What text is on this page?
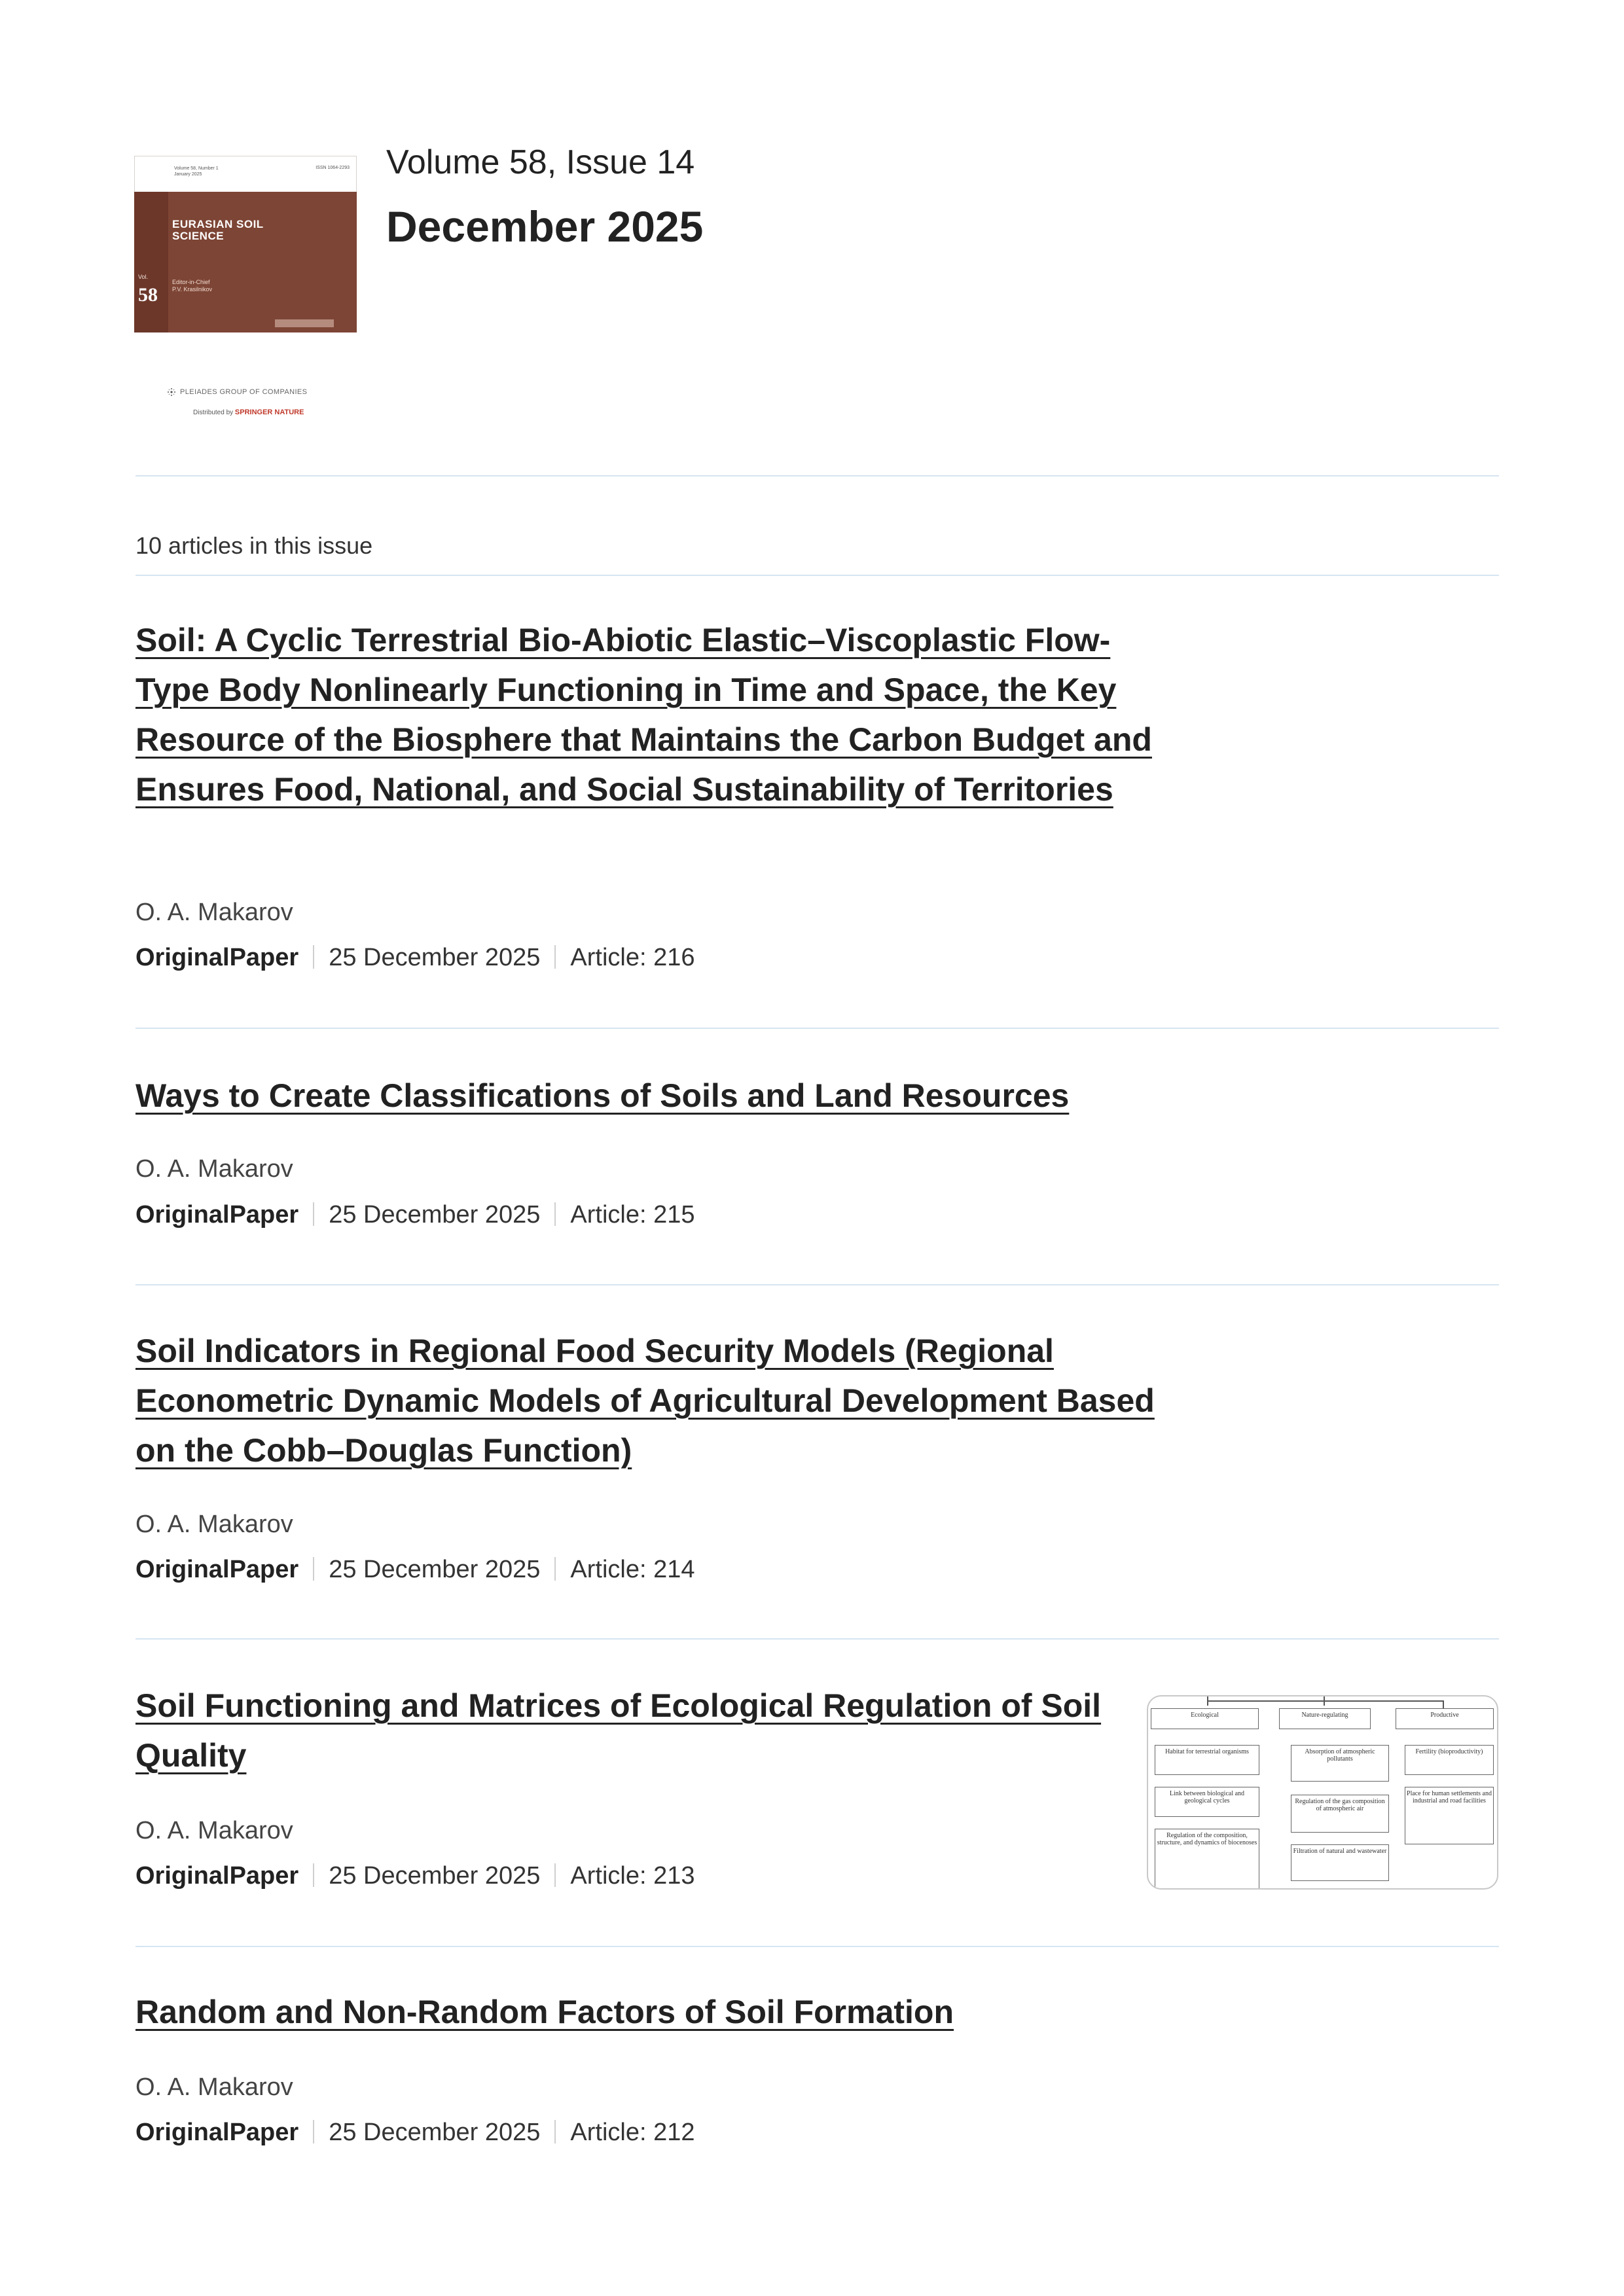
Volume 58, Number 1
January 2025
ISSN 1064-2293
EURASIAN SOIL SCIENCE
Vol.
58
Editor-in-Chief
P.V. Krasilnikov
PLEIADES GROUP OF COMPANIES
Distributed by SPRINGER NATURE
Volume 58, Issue 14
December 2025
10 articles in this issue
Soil: A Cyclic Terrestrial Bio-Abiotic Elastic–Viscoplastic Flow-Type Body Nonlinearly Functioning in Time and Space, the Key Resource of the Biosphere that Maintains the Carbon Budget and Ensures Food, National, and Social Sustainability of Territories
O. A. Makarov
OriginalPaper 25 December 2025 Article: 216
Ways to Create Classifications of Soils and Land Resources
O. A. Makarov
OriginalPaper 25 December 2025 Article: 215
Soil Indicators in Regional Food Security Models (Regional Econometric Dynamic Models of Agricultural Development Based on the Cobb–Douglas Function)
O. A. Makarov
OriginalPaper 25 December 2025 Article: 214
Soil Functioning and Matrices of Ecological Regulation of Soil Quality
O. A. Makarov
OriginalPaper 25 December 2025 Article: 213
Ecological	Nature-regulating	Productive
Habitat for terrestrial organisms
Link between biological and geological cycles
Regulation of the composition, structure, and dynamics of biocenoses
Absorption of atmospheric pollutants
Regulation of the gas composition of atmospheric air
Filtration of natural and wastewater
Fertility (bioproductivity)
Place for human settlements and industrial and road facilities
Random and Non-Random Factors of Soil Formation
O. A. Makarov
OriginalPaper 25 December 2025 Article: 212
